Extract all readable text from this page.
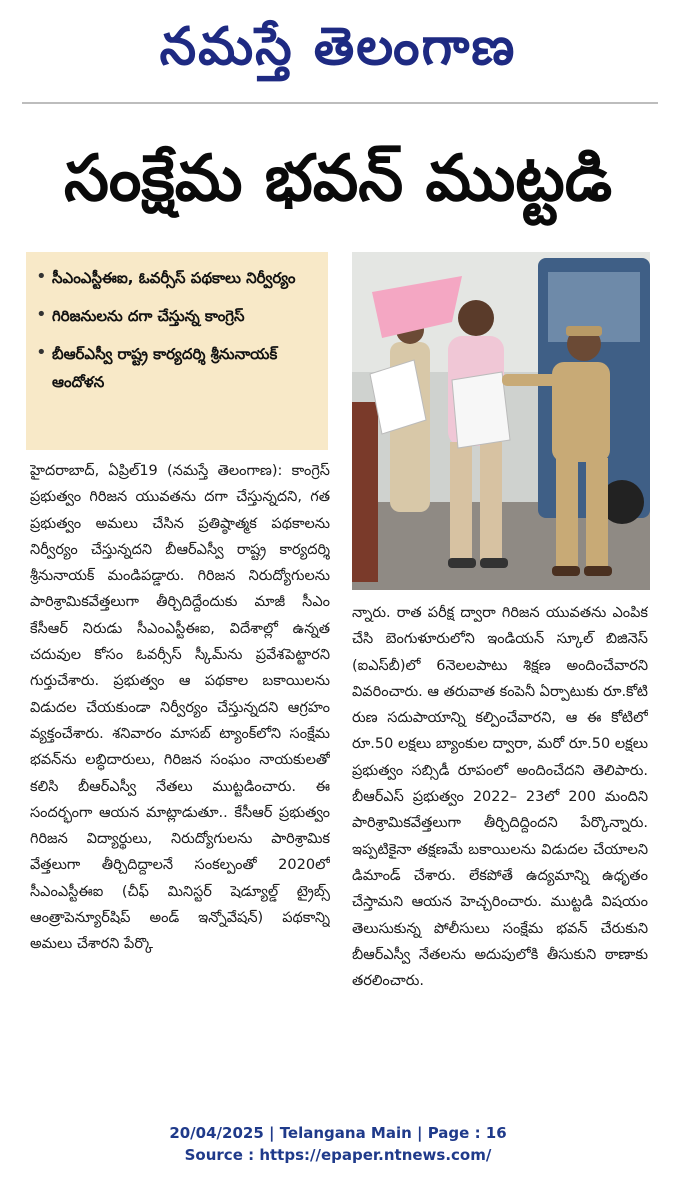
నమస్తే తెలంగాణ
సంక్షేమ భవన్ ముట్టడి
• సీఎంఎస్టీఈఐ, ఓవర్సీస్ పథకాలు నిర్వీర్యం
• గిరిజనులను దగా చేస్తున్న కాంగ్రెస్
• బీఆర్ఎస్వీ రాష్ట్ర కార్యదర్శి శ్రీనునాయక్ ఆందోళన
హైదరాబాద్, ఏప్రిల్19 (నమస్తే తెలంగాణ): కాంగ్రెస్ ప్రభుత్వం గిరిజన యువతను దగా చేస్తున్నదని, గత ప్రభుత్వం అమలు చేసిన ప్రతిష్ఠాత్మక పథకాలను నిర్వీర్యం చేస్తున్నదని బీఆర్ఎస్వీ రాష్ట్ర కార్యదర్శి శ్రీనునాయక్ మండిపడ్డారు. గిరిజన నిరుద్యోగులను పారిశ్రామికవేత్తలుగా తీర్చిదిద్దేందుకు మాజీ సీఎం కేసీఆర్ నిరుడు సీఎంఎస్టీఈఐ, విదేశాల్లో ఉన్నత చదువుల కోసం ఓవర్సీస్ స్కీమ్‌ను ప్రవేశపెట్టారని గుర్తుచేశారు. ప్రభుత్వం ఆ పథకాల బకాయిలను విడుదల చేయకుండా నిర్వీర్యం చేస్తున్నదని ఆగ్రహం వ్యక్తంచేశారు. శనివారం మాసబ్ ట్యాంక్‌లోని సంక్షేమ భవన్‌ను లబ్ధిదారులు, గిరిజన సంఘం నాయకులతో కలిసి బీఆర్ఎస్వీ నేతలు ముట్టడించారు. ఈ సందర్భంగా ఆయన మాట్లాడుతూ.. కేసీఆర్ ప్రభుత్వం గిరిజన విద్యార్థులు, నిరుద్యోగులను పారిశ్రామిక వేత్తలుగా తీర్చిదిద్దాలనే సంకల్పంతో 2020లో సీఎంఎస్టీఈఐ (చీఫ్ మినిస్టర్ షెడ్యూల్డ్ ట్రైబ్స్ ఆంత్రాపెన్యూర్‌షిప్ అండ్ ఇన్నోవేషన్) పథకాన్ని అమలు చేశారని పేర్కొ
న్నారు. రాత పరీక్ష ద్వారా గిరిజన యువతను ఎంపిక చేసి బెంగుళూరులోని ఇండియన్ స్కూల్ బిజినెస్ (ఐఎస్‌బీ)లో 6నెలలపాటు శిక్షణ అందించేవారని వివరించారు. ఆ తరువాత కంపెనీ ఏర్పాటుకు రూ.కోటి రుణ సదుపాయాన్ని కల్పించేవారని, ఆ ఈ కోటిలో రూ.50 లక్షలు బ్యాంకుల ద్వారా, మరో రూ.50 లక్షలు ప్రభుత్వం సబ్సిడీ రూపంలో అందించేదని తెలిపారు. బీఆర్ఎస్ ప్రభుత్వం 2022– 23లో 200 మందిని పారిశ్రామికవేత్తలుగా తీర్చిదిద్దిందని పేర్కొన్నారు. ఇప్పటికైనా తక్షణమే బకాయిలను విడుదల చేయాలని డిమాండ్ చేశారు. లేకపోతే ఉద్యమాన్ని ఉధృతం చేస్తామని ఆయన హెచ్చరించారు. ముట్టడి విషయం తెలుసుకున్న పోలీసులు సంక్షేమ భవన్ చేరుకుని బీఆర్ఎస్వీ నేతలను అదుపులోకి తీసుకుని ఠాణాకు తరలించారు.
20/04/2025 | Telangana Main | Page : 16
Source : https://epaper.ntnews.com/
